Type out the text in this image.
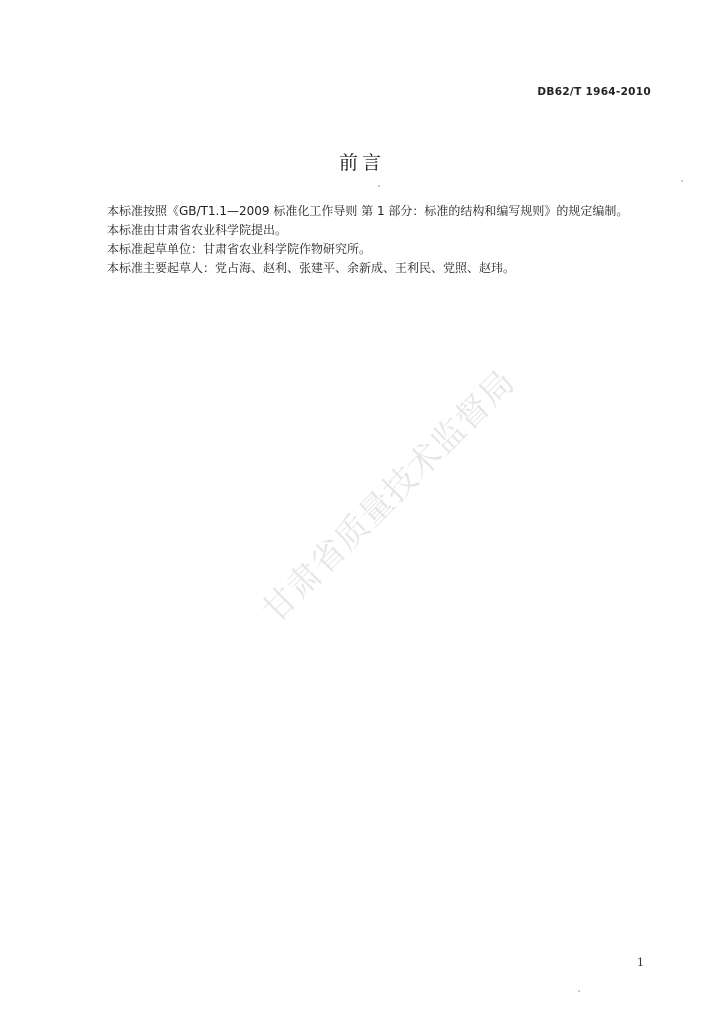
DB62/T 1964-2010
前言

本标准按照《GB/T1.1—2009 标准化工作导则 第 1 部分：标准的结构和编写规则》的规定编制。

本标准由甘肃省农业科学院提出。

本标准起草单位：甘肃省农业科学院作物研究所。

本标准主要起草人：党占海、赵利、张建平、余新成、王利民、党照、赵玮。

甘肃省质量技术监督局
1
